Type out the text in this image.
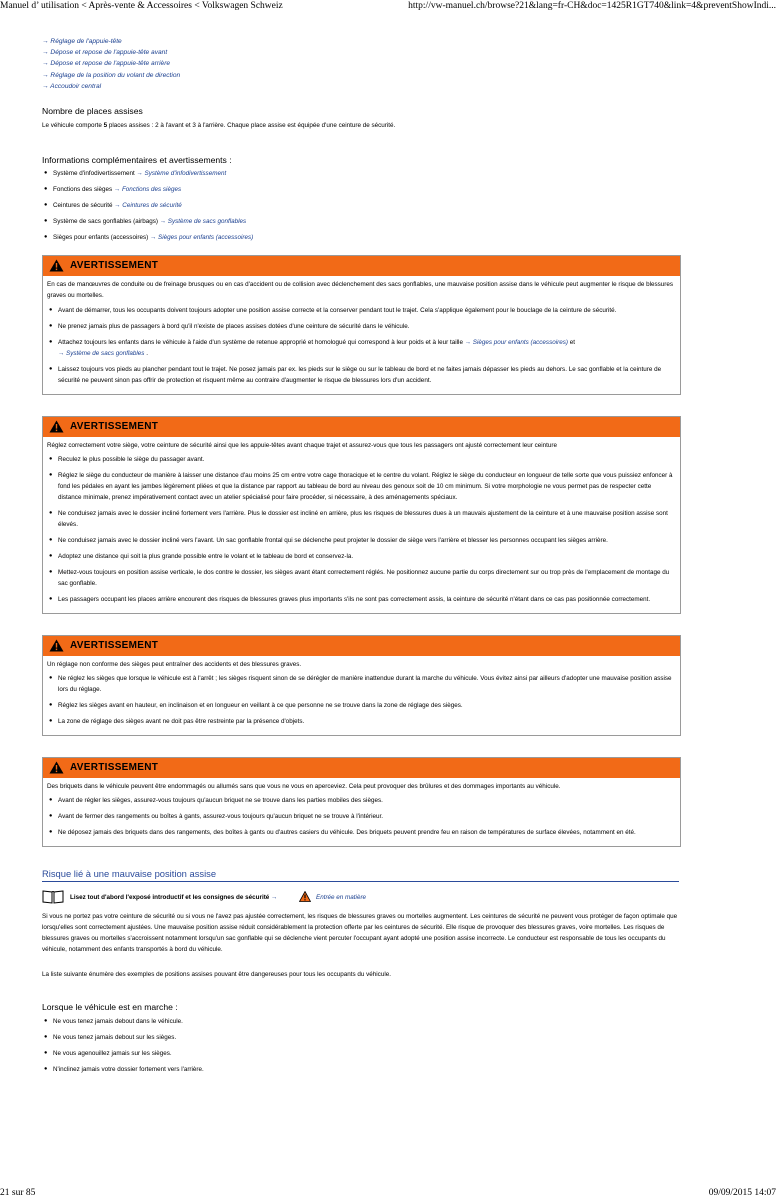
Manuel d’ utilisation < Après-vente & Accessoires < Volkswagen Schweiz	http://vw-manuel.ch/browse?21&lang=fr-CH&doc=1425R1GT740&link=4&preventShowIndi...
→ Réglage de l'appuie-tête
→ Dépose et repose de l'appuie-tête avant
→ Dépose et repose de l'appuie-tête arrière
→ Réglage de la position du volant de direction
→ Accoudoir central
Nombre de places assises

Le véhicule comporte 5 places assises : 2 à l'avant et 3 à l'arrière. Chaque place assise est équipée d'une ceinture de sécurité.

Informations complémentaires et avertissements :
● Système d'infodivertissement → Système d'infodivertissement
● Fonctions des sièges → Fonctions des sièges
● Ceintures de sécurité → Ceintures de sécurité
● Système de sacs gonflables (airbags) → Système de sacs gonflables
● Sièges pour enfants (accessoires) → Sièges pour enfants (accessoires)
AVERTISSEMENT

En cas de manœuvres de conduite ou de freinage brusques ou en cas d'accident ou de collision avec déclenchement des sacs gonflables, une mauvaise position assise dans le véhicule peut augmenter le risque de blessures graves ou mortelles.

● Avant de démarrer, tous les occupants doivent toujours adopter une position assise correcte et la conserver pendant tout le trajet. Cela s'applique également pour le bouclage de la ceinture de sécurité.
● Ne prenez jamais plus de passagers à bord qu'il n'existe de places assises dotées d'une ceinture de sécurité dans le véhicule.
● Attachez toujours les enfants dans le véhicule à l'aide d'un système de retenue approprié et homologué qui correspond à leur poids et à leur taille → Sièges pour enfants (accessoires) et
→ Système de sacs gonflables .
● Laissez toujours vos pieds au plancher pendant tout le trajet. Ne posez jamais par ex. les pieds sur le siège ou sur le tableau de bord et ne faites jamais dépasser les pieds au dehors. Le sac gonflable et la ceinture de sécurité ne peuvent sinon pas offrir de protection et risquent même au contraire d'augmenter le risque de blessures lors d'un accident.
AVERTISSEMENT

Réglez correctement votre siège, votre ceinture de sécurité ainsi que les appuie-têtes avant chaque trajet et assurez-vous que tous les passagers ont ajusté correctement leur ceinture

● Reculez le plus possible le siège du passager avant.
● Réglez le siège du conducteur de manière à laisser une distance d'au moins 25 cm entre votre cage thoracique et le centre du volant. Réglez le siège du conducteur en longueur de telle sorte que vous puissiez enfoncer à fond les pédales en ayant les jambes légèrement pliées et que la distance par rapport au tableau de bord au niveau des genoux soit de 10 cm minimum. Si votre morphologie ne vous permet pas de respecter cette distance minimale, prenez impérativement contact avec un atelier spécialisé pour faire procéder, si nécessaire, à des aménagements spéciaux.
● Ne conduisez jamais avec le dossier incliné fortement vers l'arrière. Plus le dossier est incliné en arrière, plus les risques de blessures dues à un mauvais ajustement de la ceinture et à une mauvaise position assise sont élevés.
● Ne conduisez jamais avec le dossier incliné vers l'avant. Un sac gonflable frontal qui se déclenche peut projeter le dossier de siège vers l'arrière et blesser les personnes occupant les sièges arrière.
● Adoptez une distance qui soit la plus grande possible entre le volant et le tableau de bord et conservez-la.
● Mettez-vous toujours en position assise verticale, le dos contre le dossier, les sièges avant étant correctement réglés. Ne positionnez aucune partie du corps directement sur ou trop près de l'emplacement de montage du sac gonflable.
● Les passagers occupant les places arrière encourent des risques de blessures graves plus importants s'ils ne sont pas correctement assis, la ceinture de sécurité n'étant dans ce cas pas positionnée correctement.
AVERTISSEMENT

Un réglage non conforme des sièges peut entraîner des accidents et des blessures graves.

● Ne réglez les sièges que lorsque le véhicule est à l'arrêt ; les sièges risquent sinon de se dérégler de manière inattendue durant la marche du véhicule. Vous évitez ainsi par ailleurs d'adopter une mauvaise position assise lors du réglage.
● Réglez les sièges avant en hauteur, en inclinaison et en longueur en veillant à ce que personne ne se trouve dans la zone de réglage des sièges.
● La zone de réglage des sièges avant ne doit pas être restreinte par la présence d'objets.
AVERTISSEMENT

Des briquets dans le véhicule peuvent être endommagés ou allumés sans que vous ne vous en aperceviez. Cela peut provoquer des brûlures et des dommages importants au véhicule.

● Avant de régler les sièges, assurez-vous toujours qu'aucun briquet ne se trouve dans les parties mobiles des sièges.
● Avant de fermer des rangements ou boîtes à gants, assurez-vous toujours qu'aucun briquet ne se trouve à l'intérieur.
● Ne déposez jamais des briquets dans des rangements, des boîtes à gants ou d'autres casiers du véhicule. Des briquets peuvent prendre feu en raison de températures de surface élevées, notamment en été.
Risque lié à une mauvaise position assise
Lisez tout d'abord l'exposé introductif et les consignes de sécurité →	Entrée en matière

Si vous ne portez pas votre ceinture de sécurité ou si vous ne l'avez pas ajustée correctement, les risques de blessures graves ou mortelles augmentent. Les ceintures de sécurité ne peuvent vous protéger de façon optimale que lorsqu'elles sont correctement ajustées. Une mauvaise position assise réduit considérablement la protection offerte par les ceintures de sécurité. Elle risque de provoquer des blessures graves, voire mortelles. Les risques de blessures graves ou mortelles s'accroissent notamment lorsqu'un sac gonflable qui se déclenche vient percuter l'occupant ayant adopté une position assise incorrecte. Le conducteur est responsable de tous les occupants du véhicule, notamment des enfants transportés à bord du véhicule.

La liste suivante énumère des exemples de positions assises pouvant être dangereuses pour tous les occupants du véhicule.

Lorsque le véhicule est en marche :
● Ne vous tenez jamais debout dans le véhicule.
● Ne vous tenez jamais debout sur les sièges.
● Ne vous agenouillez jamais sur les sièges.
● N'inclinez jamais votre dossier fortement vers l'arrière.
21 sur 85	09/09/2015 14:07
